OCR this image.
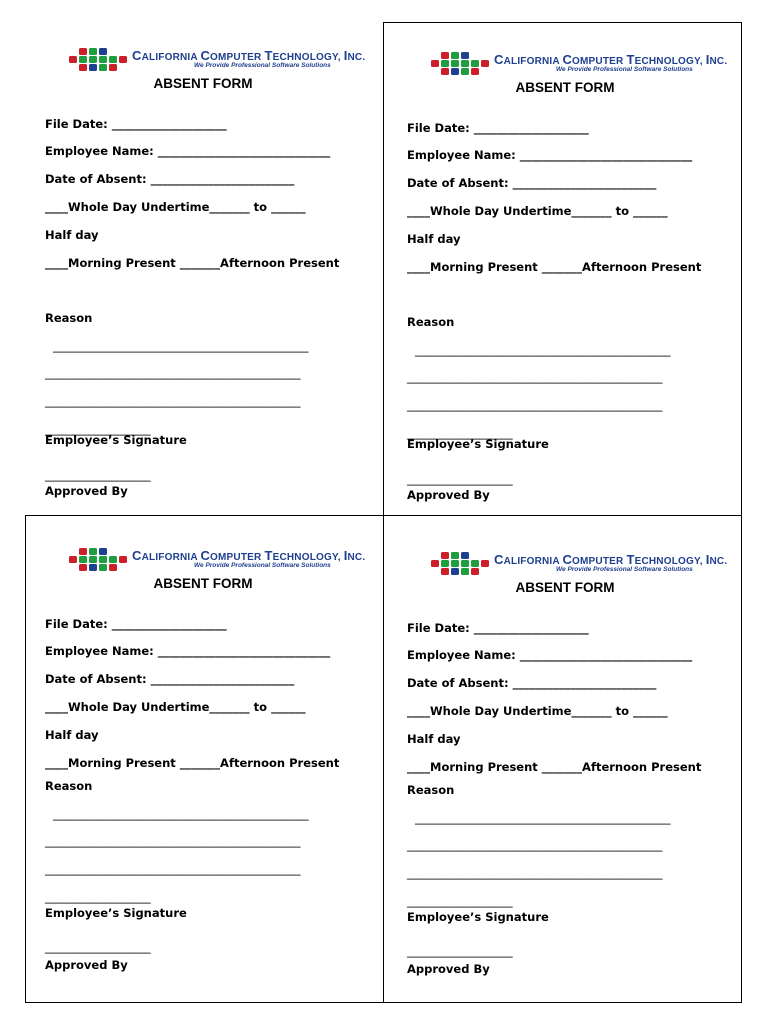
CALIFORNIA COMPUTER TECHNOLOGY, INC.
We Provide Professional Software Solutions
ABSENT FORM
File Date: ____________________
Employee Name: ______________________________
Date of Absent: _________________________
____Whole Day Undertime_______ to ______
Half day
____Morning Present _______Afternoon Present
Reason
______________________________________________
______________________________________________
______________________________________________
___________________
Employee’s Signature
___________________
Approved By
CALIFORNIA COMPUTER TECHNOLOGY, INC.
We Provide Professional Software Solutions
ABSENT FORM
File Date: ____________________
Employee Name: ______________________________
Date of Absent: _________________________
____Whole Day Undertime_______ to ______
Half day
____Morning Present _______Afternoon Present
Reason
______________________________________________
______________________________________________
______________________________________________
___________________
Employee’s Signature
___________________
Approved By
CALIFORNIA COMPUTER TECHNOLOGY, INC.
We Provide Professional Software Solutions
ABSENT FORM
File Date: ____________________
Employee Name: ______________________________
Date of Absent: _________________________
____Whole Day Undertime_______ to ______
Half day
____Morning Present _______Afternoon Present
Reason
______________________________________________
______________________________________________
______________________________________________
___________________
Employee’s Signature
___________________
Approved By
CALIFORNIA COMPUTER TECHNOLOGY, INC.
We Provide Professional Software Solutions
ABSENT FORM
File Date: ____________________
Employee Name: ______________________________
Date of Absent: _________________________
____Whole Day Undertime_______ to ______
Half day
____Morning Present _______Afternoon Present
Reason
______________________________________________
______________________________________________
______________________________________________
___________________
Employee’s Signature
___________________
Approved By
